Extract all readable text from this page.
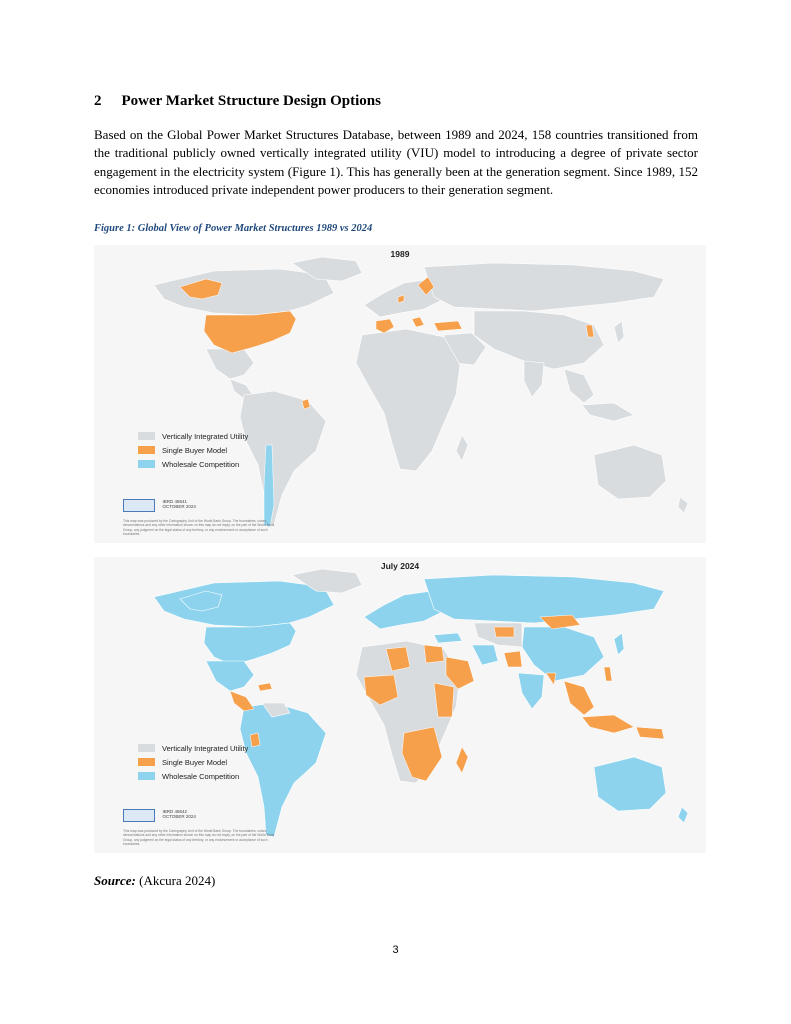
2 Power Market Structure Design Options

Based on the Global Power Market Structures Database, between 1989 and 2024, 158 countries transitioned from the traditional publicly owned vertically integrated utility (VIU) model to introducing a degree of private sector engagement in the electricity system (Figure 1). This has generally been at the generation segment. Since 1989, 152 economies introduced private independent power producers to their generation segment.

Figure 1: Global View of Power Market Structures 1989 vs 2024

1989
Vertically Integrated Utility
Single Buyer Model
Wholesale Competition
IBRD 48641
OCTOBER 2024
This map was produced by the Cartography Unit of the World Bank Group. The boundaries, colors, denominations and any other information shown on this map do not imply, on the part of the World Bank Group, any judgment on the legal status of any territory, or any endorsement or acceptance of such boundaries.
July 2024
Vertically Integrated Utility
Single Buyer Model
Wholesale Competition
IBRD 48642
OCTOBER 2024
This map was produced by the Cartography Unit of the World Bank Group. The boundaries, colors, denominations and any other information shown on this map do not imply, on the part of the World Bank Group, any judgment on the legal status of any territory, or any endorsement or acceptance of such boundaries.

Source: (Akcura 2024)

3
